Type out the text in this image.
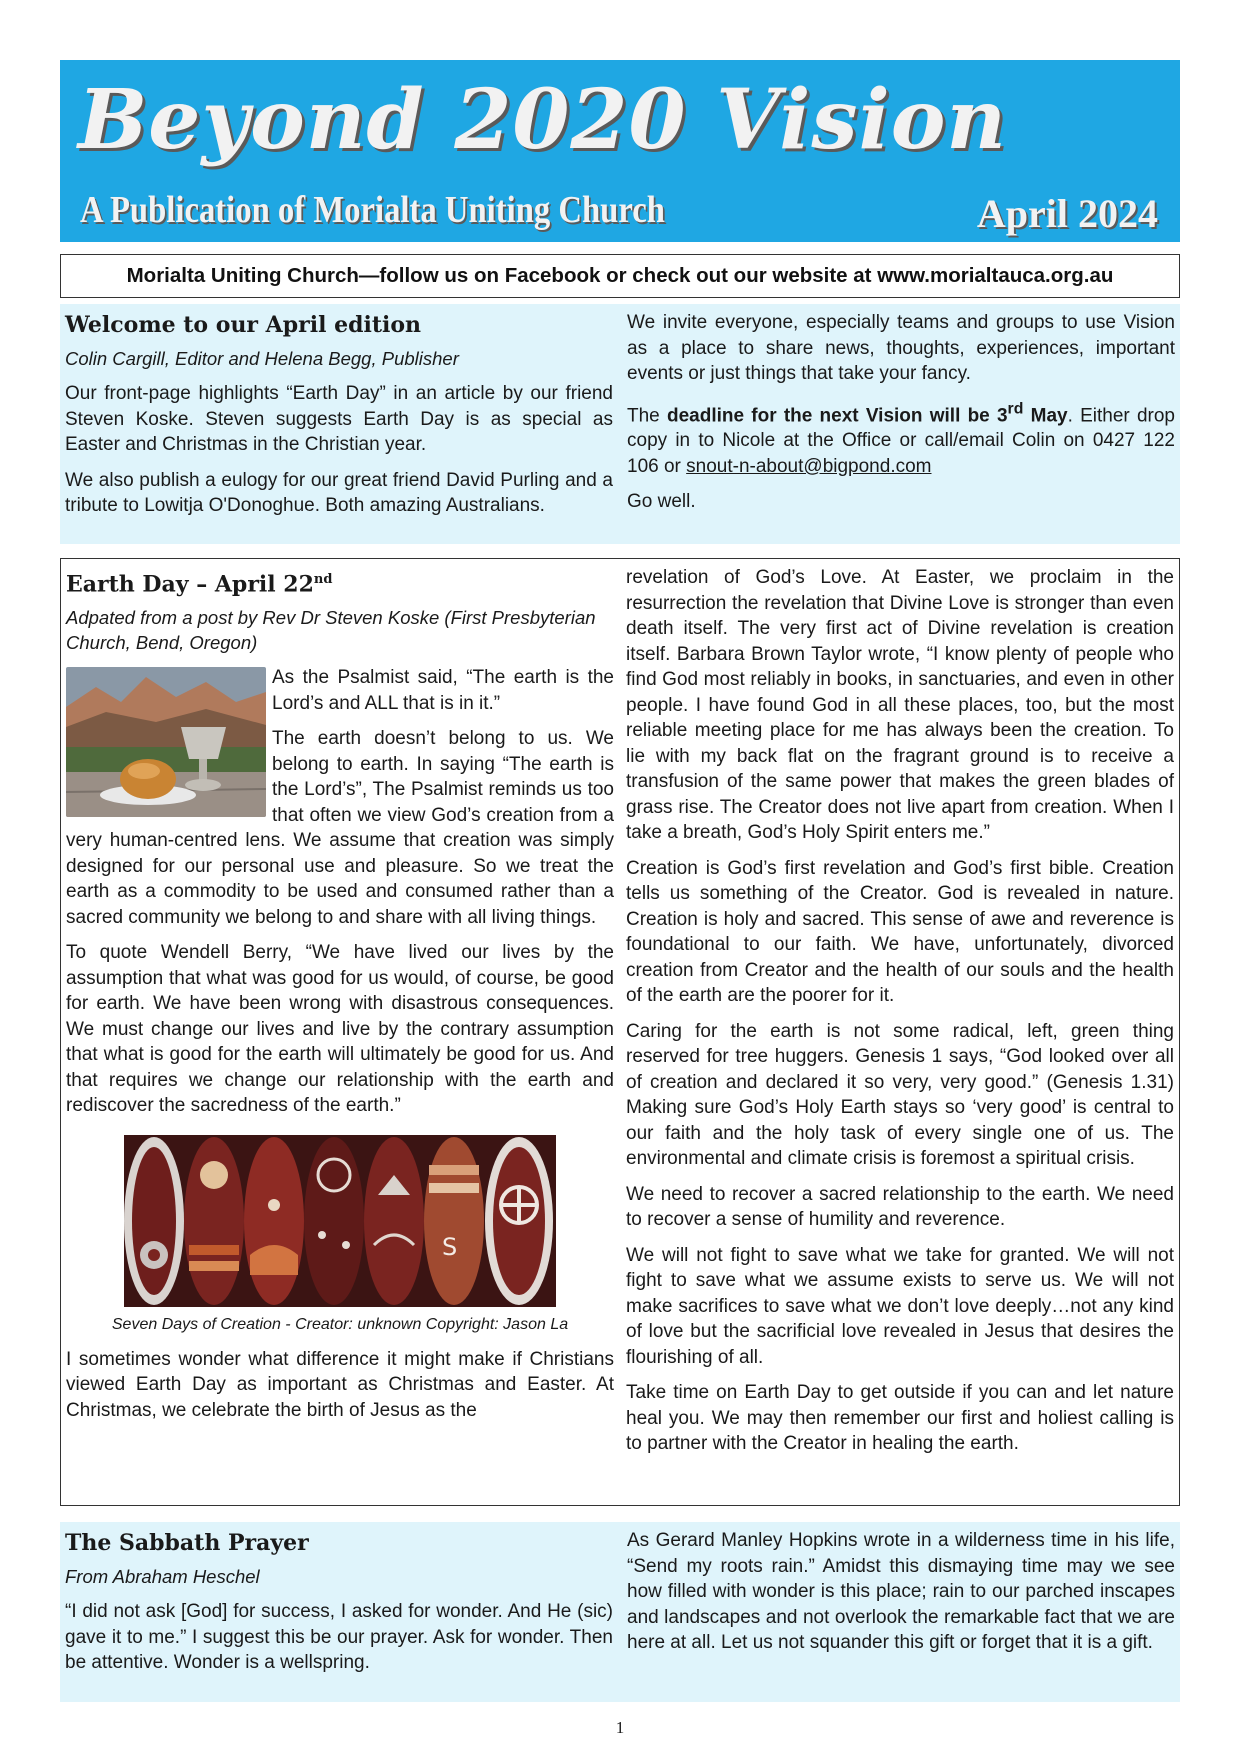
Beyond 2020 Vision
A Publication of Morialta Uniting Church	April 2024
Morialta Uniting Church—follow us on Facebook or check out our website at www.morialtauca.org.au
Welcome to our April edition
Colin Cargill, Editor and Helena Begg, Publisher

Our front-page highlights “Earth Day” in an article by our friend Steven Koske. Steven suggests Earth Day is as special as Easter and Christmas in the Christian year.

We also publish a eulogy for our great friend David Purling and a tribute to Lowitja O'Donoghue. Both amazing Australians.

We invite everyone, especially teams and groups to use Vision as a place to share news, thoughts, experiences, important events or just things that take your fancy.

The deadline for the next Vision will be 3rd May. Either drop copy in to Nicole at the Office or call/email Colin on 0427 122 106 or snout-n-about@bigpond.com

Go well.

Earth Day – April 22nd
Adpated from a post by Rev Dr Steven Koske (First Presbyterian Church, Bend, Oregon)

As the Psalmist said, “The earth is the Lord’s and ALL that is in it.”

The earth doesn’t belong to us. We belong to earth. In saying “The earth is the Lord’s”, The Psalmist reminds us too that often we view God’s creation from a very human-centred lens. We assume that creation was simply designed for our personal use and pleasure. So we treat the earth as a commodity to be used and consumed rather than a sacred community we belong to and share with all living things.

To quote Wendell Berry, “We have lived our lives by the assumption that what was good for us would, of course, be good for earth. We have been wrong with disastrous consequences. We must change our lives and live by the contrary assumption that what is good for the earth will ultimately be good for us. And that requires we change our relationship with the earth and rediscover the sacredness of the earth.”

S
Seven Days of Creation - Creator: unknown Copyright: Jason La

I sometimes wonder what difference it might make if Christians viewed Earth Day as important as Christmas and Easter. At Christmas, we celebrate the birth of Jesus as the

revelation of God’s Love. At Easter, we proclaim in the resurrection the revelation that Divine Love is stronger than even death itself. The very first act of Divine revelation is creation itself. Barbara Brown Taylor wrote, “I know plenty of people who find God most reliably in books, in sanctuaries, and even in other people. I have found God in all these places, too, but the most reliable meeting place for me has always been the creation. To lie with my back flat on the fragrant ground is to receive a transfusion of the same power that makes the green blades of grass rise. The Creator does not live apart from creation. When I take a breath, God’s Holy Spirit enters me.”

Creation is God’s first revelation and God’s first bible. Creation tells us something of the Creator. God is revealed in nature. Creation is holy and sacred. This sense of awe and reverence is foundational to our faith. We have, unfortunately, divorced creation from Creator and the health of our souls and the health of the earth are the poorer for it.

Caring for the earth is not some radical, left, green thing reserved for tree huggers. Genesis 1 says, “God looked over all of creation and declared it so very, very good.” (Genesis 1.31) Making sure God’s Holy Earth stays so ‘very good’ is central to our faith and the holy task of every single one of us. The environmental and climate crisis is foremost a spiritual crisis.

We need to recover a sacred relationship to the earth. We need to recover a sense of humility and reverence.

We will not fight to save what we take for granted. We will not fight to save what we assume exists to serve us. We will not make sacrifices to save what we don’t love deeply…not any kind of love but the sacrificial love revealed in Jesus that desires the flourishing of all.

Take time on Earth Day to get outside if you can and let nature heal you. We may then remember our first and holiest calling is to partner with the Creator in healing the earth.

The Sabbath Prayer
From Abraham Heschel

“I did not ask [God] for success, I asked for wonder. And He (sic) gave it to me.” I suggest this be our prayer. Ask for wonder. Then be attentive. Wonder is a wellspring.

As Gerard Manley Hopkins wrote in a wilderness time in his life, “Send my roots rain.” Amidst this dismaying time may we see how filled with wonder is this place; rain to our parched inscapes and landscapes and not overlook the remarkable fact that we are here at all. Let us not squander this gift or forget that it is a gift.

1
